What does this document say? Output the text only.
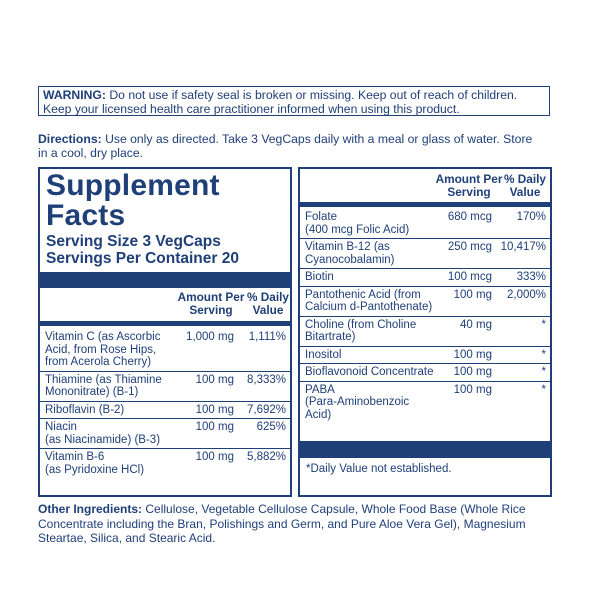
WARNING: Do not use if safety seal is broken or missing. Keep out of reach of children.
Keep your licensed health care practitioner informed when using this product.
Directions: Use only as directed. Take 3 VegCaps daily with a meal or glass of water. Store
in a cool, dry place.
Supplement
Facts
Serving Size 3 VegCaps
Servings Per Container 20
Amount Per
Serving
% Daily
Value
Vitamin C (as Ascorbic
Acid, from Rose Hips,
from Acerola Cherry)
1,000 mg 1,111%
Thiamine (as Thiamine
Mononitrate) (B-1)
100 mg 8,333%
Riboflavin (B-2)	100 mg 7,692%
Niacin
(as Niacinamide) (B-3)
100 mg 625%
Vitamin B-6
(as Pyridoxine HCl)
100 mg 5,882%
Amount Per
Serving
% Daily
Value
Folate
(400 mcg Folic Acid)
680 mcg 170%
Vitamin B-12 (as
Cyanocobalamin)
250 mcg 10,417%
Biotin	100 mcg 333%
Pantothenic Acid (from
Calcium d-Pantothenate)
100 mg 2,000%
Choline (from Choline
Bitartrate)
40 mg	*
Inositol	100 mg	*
Bioflavonoid Concentrate	100 mg	*
PABA
(Para-Aminobenzoic
Acid)
100 mg	*
*Daily Value not established.
Other Ingredients: Cellulose, Vegetable Cellulose Capsule, Whole Food Base (Whole Rice
Concentrate including the Bran, Polishings and Germ, and Pure Aloe Vera Gel), Magnesium
Steartae, Silica, and Stearic Acid.
